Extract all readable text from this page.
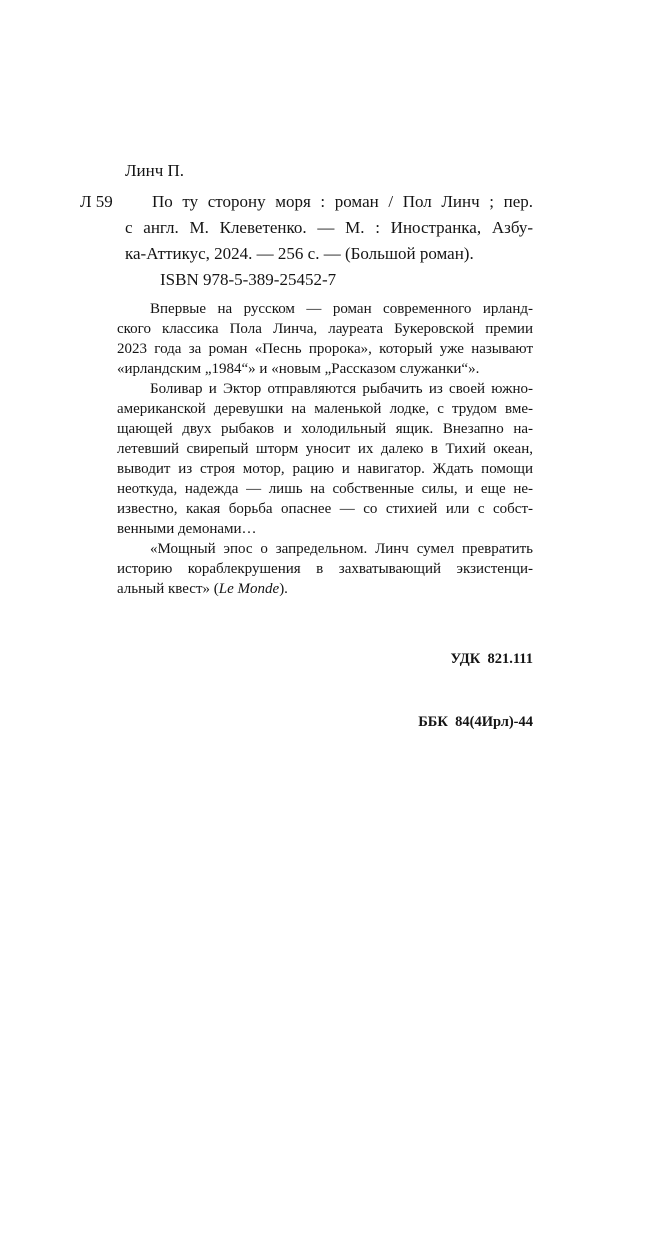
Линч П.
Л 59	По ту сторону моря : роман / Пол Линч ; пер.
с англ. М. Клеветенко. — М. : Иностранка, Азбу-
ка-Аттикус, 2024. — 256 с. — (Большой роман).
ISBN 978-5-389-25452-7
Впервые на русском — роман современного ирланд-
ского классика Пола Линча, лауреата Букеровской премии
2023 года за роман «Песнь пророка», который уже называют
«ирландским „1984“» и «новым „Рассказом служанки“».
Боливар и Эктор отправляются рыбачить из своей южно-
американской деревушки на маленькой лодке, с трудом вме-
щающей двух рыбаков и холодильный ящик. Внезапно на-
летевший свирепый шторм уносит их далеко в Тихий океан,
выводит из строя мотор, рацию и навигатор. Ждать помощи
неоткуда, надежда — лишь на собственные силы, и еще не-
известно, какая борьба опаснее — со стихией или с собст-
венными демонами…
«Мощный эпос о запредельном. Линч сумел превратить
историю кораблекрушения в захватывающий экзистенци-
альный квест» (Le Monde).

УДК  821.111

ББК  84(4Ирл)-44
